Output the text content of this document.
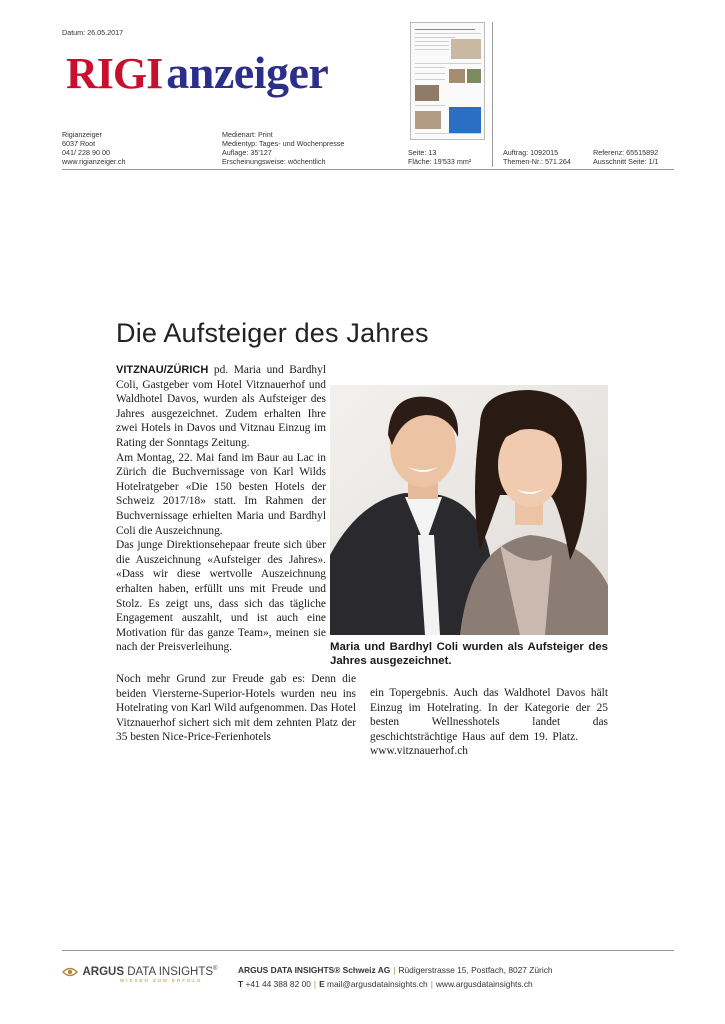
Datum: 26.05.2017
RIGIanzeiger
Rigianzeiger
6037 Root
041/ 228 90 00
www.rigianzeiger.ch
Medienart: Print
Medientyp: Tages- und Wochenpresse
Auflage: 35'127
Erscheinungsweise: wöchentlich
Seite: 13
Fläche: 19'533 mm²
Auftrag: 1092015
Themen-Nr.: 571.264
Referenz: 65515892
Ausschnitt Seite: 1/1
Die Aufsteiger des Jahres

VITZNAU/ZÜRICH pd. Maria und Bardhyl Coli, Gastgeber vom Hotel Vitznauerhof und Waldhotel Davos, wurden als Aufsteiger des Jahres ausgezeichnet. Zudem erhalten Ihre zwei Hotels in Davos und Vitznau Einzug im Rating der Sonntags Zeitung.

Am Montag, 22. Mai fand im Baur au Lac in Zürich die Buchvernissage von Karl Wilds Hotelratgeber «Die 150 besten Hotels der Schweiz 2017/18» statt. Im Rahmen der Buchvernissage erhielten Maria und Bardhyl Coli die Auszeichnung.

Das junge Direktionsehepaar freute sich über die Auszeichnung «Aufsteiger des Jahres». «Dass wir diese wertvolle Auszeichnung erhalten haben, erfüllt uns mit Freude und Stolz. Es zeigt uns, dass sich das tägliche Engagement auszahlt, und ist auch eine Motivation für das ganze Team», meinen sie nach der Preisverleihung.

Noch mehr Grund zur Freude gab es: Denn die beiden Viersterne-Superior-Hotels wurden neu ins Hotelrating von Karl Wild aufgenommen. Das Hotel Vitznauerhof sichert sich mit dem zehnten Platz der 35 besten Nice-Price-Ferienhotels

ein Topergebnis. Auch das Waldhotel Davos hält Einzug im Hotelrating. In der Kategorie der 25 besten Wellnesshotels landet das geschichtsträchtige Haus auf dem 19. Platz.www.vitznauerhof.ch

Maria und Bardhyl Coli wurden als Aufsteiger des Jahres ausgezeichnet.
ARGUS DATA INSIGHTS®
WISSEN ZUM ERFOLG
ARGUS DATA INSIGHTS® Schweiz AG | Rüdigerstrasse 15, Postfach, 8027 Zürich
T +41 44 388 82 00 | E mail@argusdatainsights.ch | www.argusdatainsights.ch
